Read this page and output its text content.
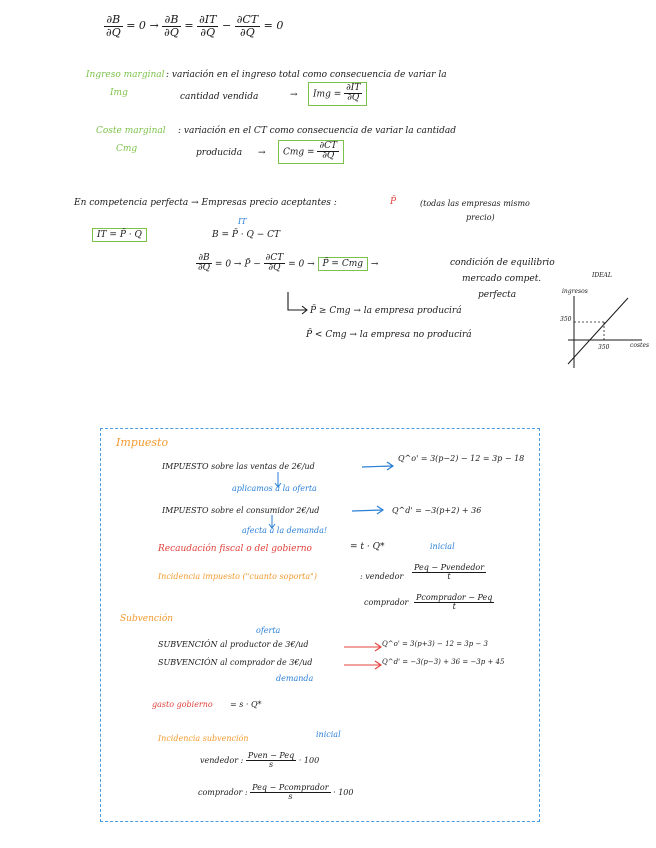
$\frac{\partial B}{\partial Q} = 0 \to \frac{\partial B}{\partial Q} = \frac{\partial IT}{\partial Q} - \frac{\partial CT}{\partial Q} = 0$
Ingreso marginal
Img
: variación en el ingreso total como consecuencia de variar la
cantidad vendida	→	Img = $\frac{\partial IT}{\partial Q}$
Coste marginal
Cmg
: variación en el CT como consecuencia de variar la cantidad
producida →	Cmg = $\frac{\partial CT}{\partial Q}$
En competencia perfecta → Empresas precio aceptantes :	P̄	(todas las empresas mismo
precio)
IT = P̄ · Q
IT
B = P̄ · Q − CT
$\frac{\partial B}{\partial Q} = 0$ → P̄ − $\frac{\partial CT}{\partial Q} = 0$ → P̄ = Cmg →	condición de equilibrio
mercado compet.
perfecta
P̄ ≥ Cmg → la empresa producirá
P̄ < Cmg → la empresa no producirá
IDEAL
ingresos
costes
350
350
Impuesto
IMPUESTO sobre las ventas de 2€/ud
Q^o' = 3(p−2) − 12 = 3p − 18
aplicamos a la oferta
IMPUESTO sobre el consumidor 2€/ud	Q^d' = −3(p+2) + 36
afecta a la demanda!
Recaudación fiscal o del gobierno	= t · Q*	inicial
Incidencia impuesto ("cuanto soporta")	: vendedor $\frac{\text{Peq − Pvendedor}}{t}$
comprador $\frac{\text{Pcomprador − Peq}}{t}$
Subvención
oferta
SUBVENCIÓN al productor de 3€/ud	Q^o' = 3(p+3) − 12 = 3p − 3
SUBVENCIÓN al comprador de 3€/ud	Q^d' = −3(p−3) + 36 = −3p + 45
demanda
gasto gobierno = s · Q*
inicial
Incidencia subvención
vendedor : $\frac{\text{Pven − Peq}}{s} \cdot 100$
comprador : $\frac{\text{Peq − Pcomprador}}{s} \cdot 100$
